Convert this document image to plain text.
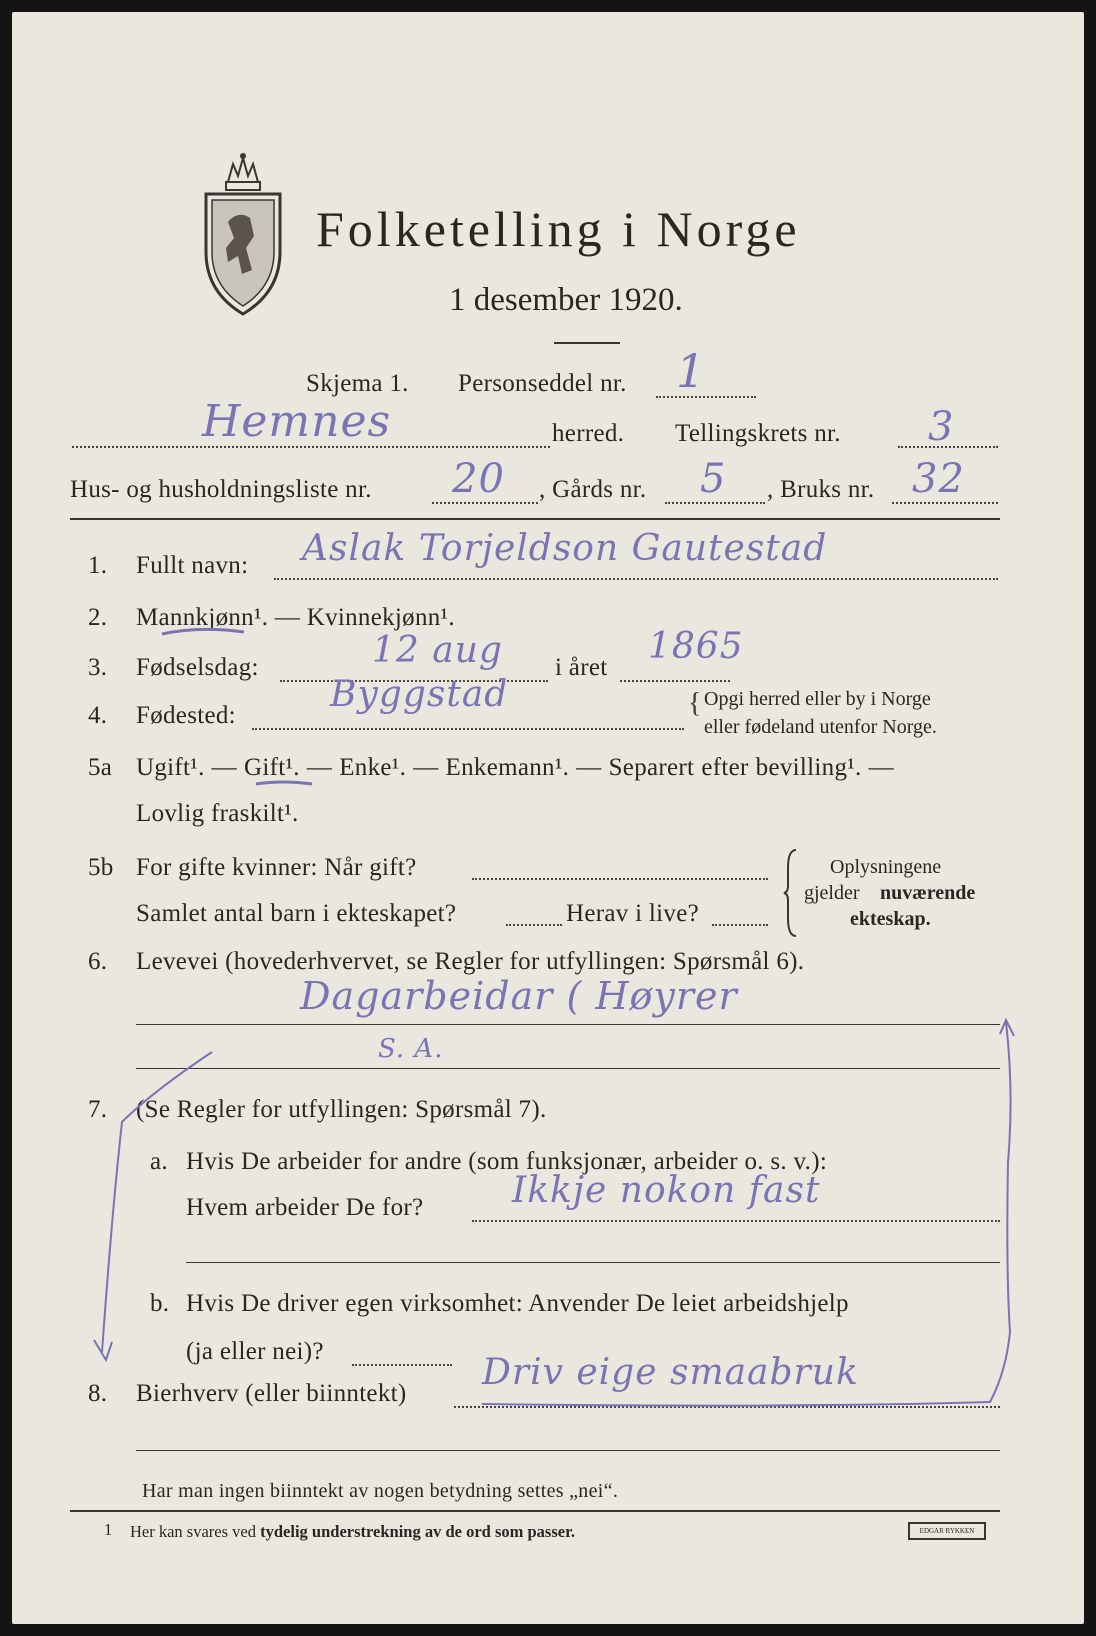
Folketelling i Norge
1 desember 1920.
Skjema 1. Personseddel nr. 1
Hemnes	herred. Tellingskrets nr. 3
Hus- og husholdningsliste nr. 20 , Gårds nr. 5 , Bruks nr. 32
1. Fullt navn: Aslak Torjeldson Gautestad
2. Mannkjønn¹. — Kvinnekjønn¹.
3. Fødselsdag:	12 aug i året
1865
4. Fødested:
Byggstad	{ Opgi herred eller by i Norge
eller fødeland utenfor Norge.
5a Ugift¹. — Gift¹. — Enke¹. — Enkemann¹. — Separert efter bevilling¹. —
Lovlig fraskilt¹.
5b For gifte kvinner: Når gift?
Samlet antal barn i ekteskapet?	Herav i live?
Oplysningene
gjelder nuværende
ekteskap.
6. Levevei (hovederhvervet, se Regler for utfyllingen: Spørsmål 6).
Dagarbeidar ( Høyrer
S. A.
7. (Se Regler for utfyllingen: Spørsmål 7).
a. Hvis De arbeider for andre (som funksjonær, arbeider o. s. v.):
Hvem arbeider De for? Ikkje nokon fast
b. Hvis De driver egen virksomhet: Anvender De leiet arbeidshjelp
(ja eller nei)?
8. Bierhverv (eller biinntekt)
Driv eige smaabruk
Har man ingen biinntekt av nogen betydning settes „nei“.
1 Her kan svares ved tydelig understrekning av de ord som passer.	EDGAR RYKKEN
